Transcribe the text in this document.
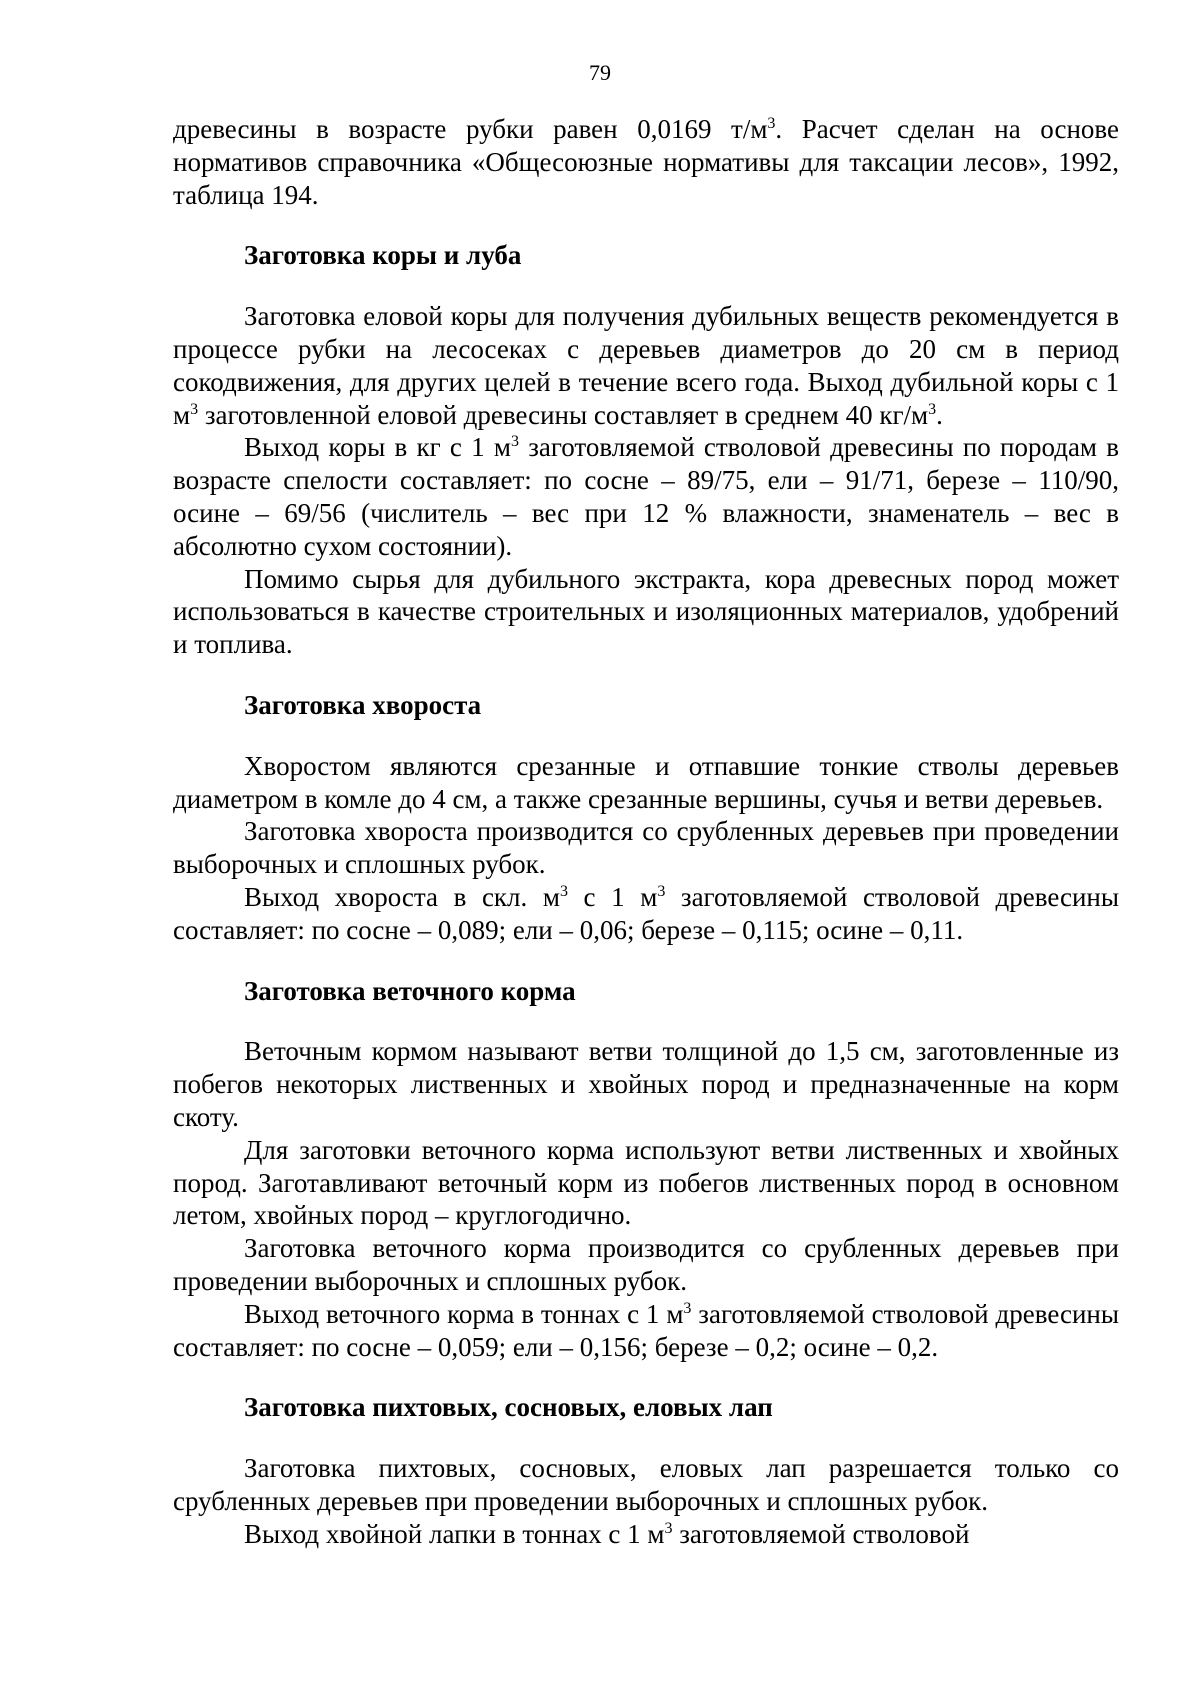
79

древесины в возрасте рубки равен 0,0169 $т/м^3$. Расчет сделан на основе нормативов справочника «Общесоюзные нормативы для таксации лесов», 1992, таблица 194.

Заготовка коры и луба

Заготовка еловой коры для получения дубильных веществ рекомендуется в процессе рубки на лесосеках с деревьев диаметров до 20 см в период сокодвижения, для других целей в течение всего года. Выход дубильной коры с 1 $м^3$ заготовленной еловой древесины составляет в среднем 40 $кг/м^3$.

Выход коры в кг с 1 $м^3$ заготовляемой стволовой древесины по породам в возрасте спелости составляет: по сосне – 89/75, ели – 91/71, березе – 110/90, осине – 69/56 (числитель – вес при 12 % влажности, знаменатель – вес в абсолютно сухом состоянии).

Помимо сырья для дубильного экстракта, кора древесных пород может использоваться в качестве строительных и изоляционных материалов, удобрений и топлива.

Заготовка хвороста

Хворостом являются срезанные и отпавшие тонкие стволы деревьев диаметром в комле до 4 см, а также срезанные вершины, сучья и ветви деревьев.

Заготовка хвороста производится со срубленных деревьев при проведении выборочных и сплошных рубок.

Выход хвороста в скл. $м^3$ с 1 $м^3$ заготовляемой стволовой древесины составляет: по сосне – 0,089; ели – 0,06; березе – 0,115; осине – 0,11.

Заготовка веточного корма

Веточным кормом называют ветви толщиной до 1,5 см, заготовленные из побегов некоторых лиственных и хвойных пород и предназначенные на корм скоту.

Для заготовки веточного корма используют ветви лиственных и хвойных пород. Заготавливают веточный корм из побегов лиственных пород в основном летом, хвойных пород – круглогодично.

Заготовка веточного корма производится со срубленных деревьев при проведении выборочных и сплошных рубок.

Выход веточного корма в тоннах с 1 $м^3$ заготовляемой стволовой древесины составляет: по сосне – 0,059; ели – 0,156; березе – 0,2; осине – 0,2.

Заготовка пихтовых, сосновых, еловых лап

Заготовка пихтовых, сосновых, еловых лап разрешается только со срубленных деревьев при проведении выборочных и сплошных рубок.

Выход хвойной лапки в тоннах с 1 $м^3$ заготовляемой стволовой
